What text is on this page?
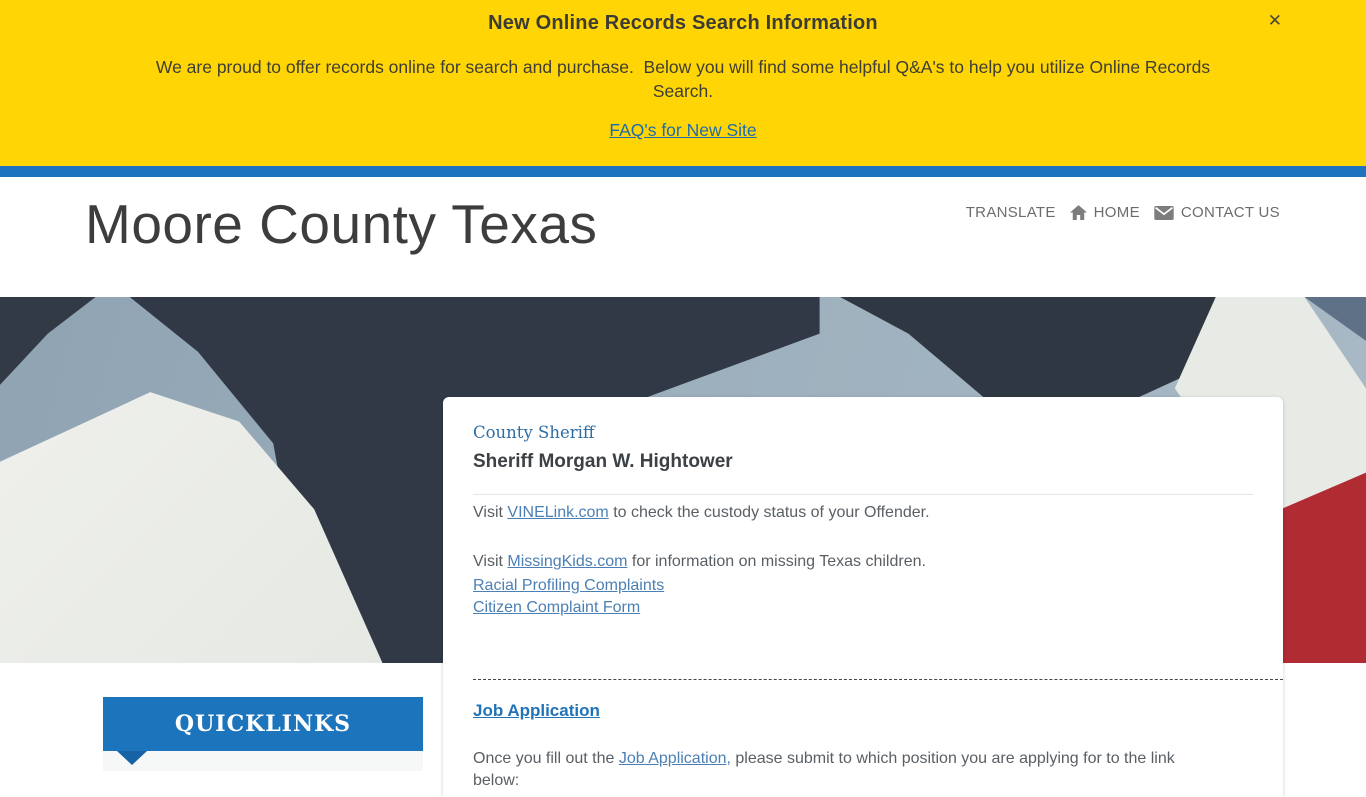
New Online Records Search Information
We are proud to offer records online for search and purchase.  Below you will find some helpful Q&A's to help you utilize Online Records Search.
FAQ's for New Site
✕
Moore County Texas	TRANSLATE	HOME	CONTACT US
QUICKLINKS
County Sheriff
Sheriff Morgan W. Hightower

Visit VINELink.com to check the custody status of your Offender.

Visit MissingKids.com for information on missing Texas children.

Racial Profiling Complaints
Citizen Complaint Form
Job Application

Once you fill out the Job Application, please submit to which position you are applying for to the link below:
